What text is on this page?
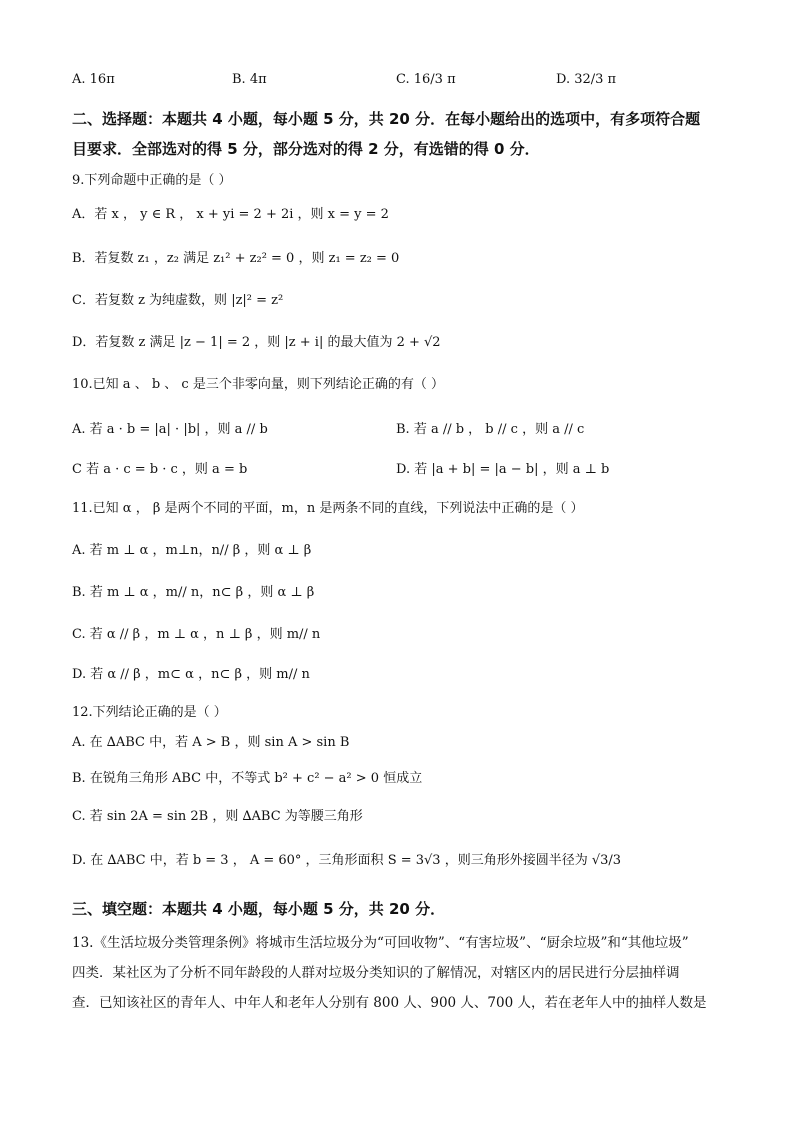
A. 16π	B. 4π	C. 16/3 π	D. 32/3 π
二、选择题：本题共 4 小题，每小题 5 分，共 20 分．在每小题给出的选项中，有多项符合题
目要求．全部选对的得 5 分，部分选对的得 2 分，有选错的得 0 分．
9.下列命题中正确的是（ ）
A．若 x ， y ∈ R ， x + yi = 2 + 2i ，则 x = y = 2
B．若复数 z₁ ，z₂ 满足 z₁² + z₂² = 0 ，则 z₁ = z₂ = 0
C．若复数 z 为纯虚数，则 |z|² = z²
D．若复数 z 满足 |z − 1| = 2 ，则 |z + i| 的最大值为 2 + √2
10.已知 a 、 b 、 c 是三个非零向量，则下列结论正确的有（ ）
A. 若 a · b = |a| · |b| ，则 a // b	B. 若 a // b ， b // c ，则 a // c
C 若 a · c = b · c ，则 a = b	D. 若 |a + b| = |a − b| ，则 a ⊥ b
11.已知 α ， β 是两个不同的平面，m，n 是两条不同的直线，下列说法中正确的是（ ）
A. 若 m ⊥ α ，m⊥n，n// β ，则 α ⊥ β
B. 若 m ⊥ α ，m// n，n⊂ β ，则 α ⊥ β
C. 若 α // β ，m ⊥ α ，n ⊥ β ，则 m// n
D. 若 α // β ，m⊂ α ，n⊂ β ，则 m// n
12.下列结论正确的是（ ）
A. 在 ∆ABC 中，若 A > B ，则 sin A > sin B
B. 在锐角三角形 ABC 中，不等式 b² + c² − a² > 0 恒成立
C. 若 sin 2A = sin 2B ，则 ∆ABC 为等腰三角形
D. 在 ∆ABC 中，若 b = 3 ， A = 60° ，三角形面积 S = 3√3 ，则三角形外接圆半径为 √3/3
三、填空题：本题共 4 小题，每小题 5 分，共 20 分．
13.《生活垃圾分类管理条例》将城市生活垃圾分为“可回收物”、“有害垃圾”、“厨余垃圾”和“其他垃圾”
四类．某社区为了分析不同年龄段的人群对垃圾分类知识的了解情况，对辖区内的居民进行分层抽样调
查．已知该社区的青年人、中年人和老年人分别有 800 人、900 人、700 人，若在老年人中的抽样人数是
